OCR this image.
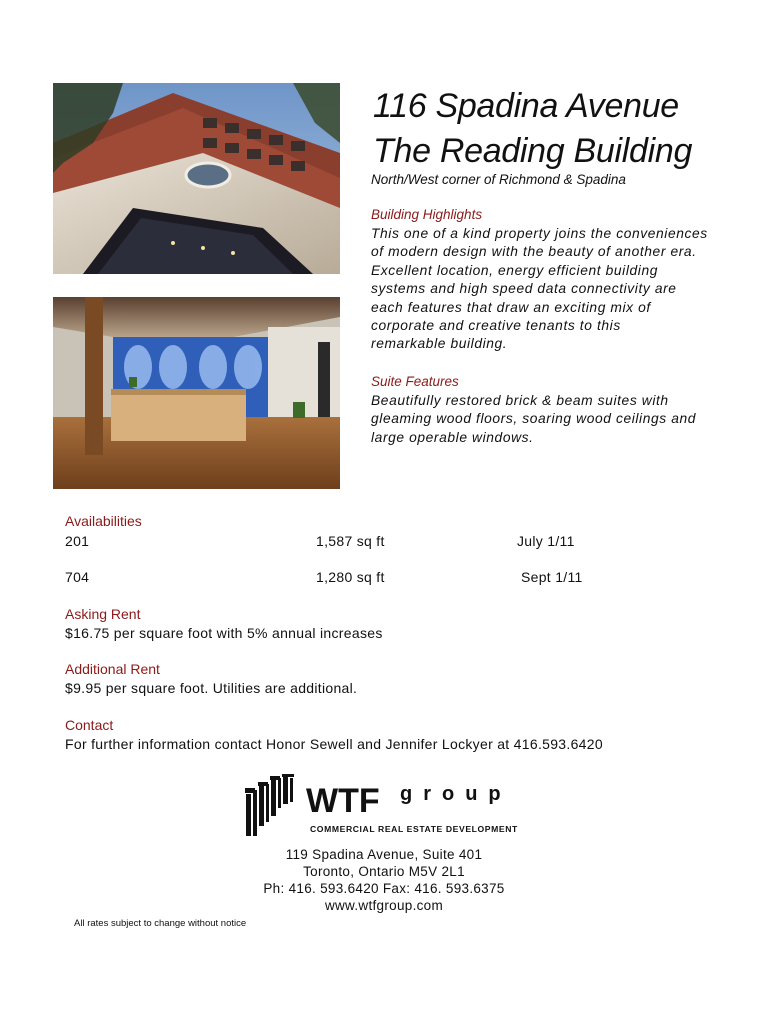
116 Spadina Avenue
The Reading Building
North/West corner of Richmond & Spadina
Building Highlights
This one of a kind property joins the conveniences
of modern design with the beauty of another era.
Excellent location, energy efficient building
systems and high speed data connectivity are
each features that draw an exciting mix of
corporate and creative tenants to this
remarkable building.
Suite Features
Beautifully restored brick & beam suites with
gleaming wood floors, soaring wood ceilings and
large operable windows.
Availabilities
201	1,587 sq ft	July 1/11
704	1,280 sq ft	Sept 1/11
Asking Rent
$16.75 per square foot with 5% annual increases
Additional Rent
$9.95 per square foot. Utilities are additional.
Contact
For further information contact Honor Sewell and Jennifer Lockyer at 416.593.6420
WTF group
COMMERCIAL REAL ESTATE DEVELOPMENT
119 Spadina Avenue, Suite 401
Toronto, Ontario M5V 2L1
Ph: 416. 593.6420 Fax: 416. 593.6375
www.wtfgroup.com
All rates subject to change without notice
